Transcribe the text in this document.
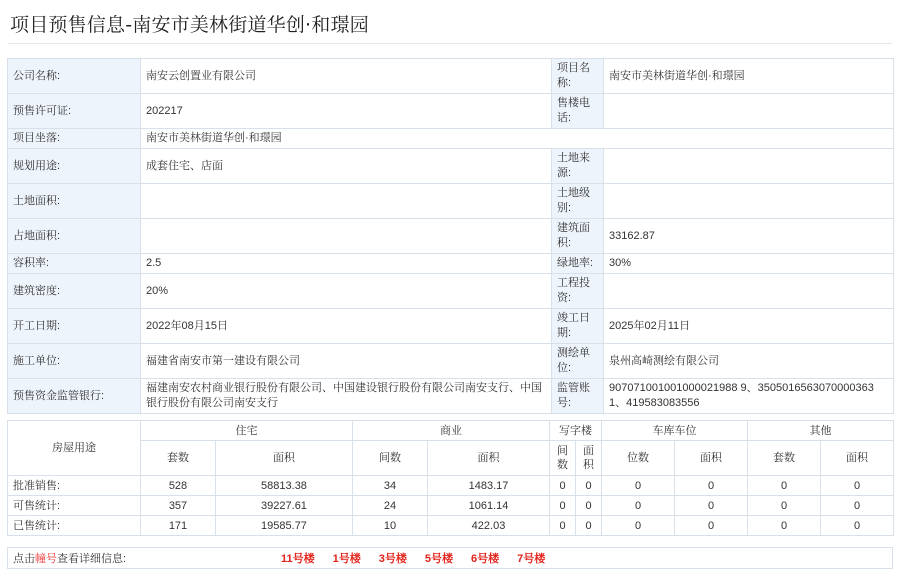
项目预售信息-南安市美林街道华创·和璟园
公司名称:	南安云创置业有限公司	项目名称:	南安市美林街道华创·和璟园
预售许可证:	202217	售楼电话:	
项目坐落:	南安市美林街道华创·和璟园		
规划用途:	成套住宅、店面	土地来源:	
土地面积:		土地级别:	
占地面积:		建筑面积:	33162.87
容积率:	2.5	绿地率:	30%
建筑密度:	20%	工程投资:	
开工日期:	2022年08月15日	竣工日期:	2025年02月11日
施工单位:	福建省南安市第一建设有限公司	测绘单位:	泉州高崎测绘有限公司
预售资金监管银行:	福建南安农村商业银行股份有限公司、中国建设银行股份有限公司南安支行、中国银行股份有限公司南安支行	监管账号:	907071001001000021988 9、35050165630700003631、419583083556
房屋用途	住宅		商业		写字楼		车库车位		其他	
	套数	面积	间数	面积	间数	面积	位数	面积	套数	面积
批准销售:	528	58813.38	34	1483.17	0	0	0	0	0	0
可售统计:	357	39227.61	24	1061.14	0	0	0	0	0	0
已售统计:	171	19585.77	10	422.03	0	0	0	0	0	0
点击幢号查看详细信息:	11号楼 1号楼 3号楼 5号楼 6号楼 7号楼
